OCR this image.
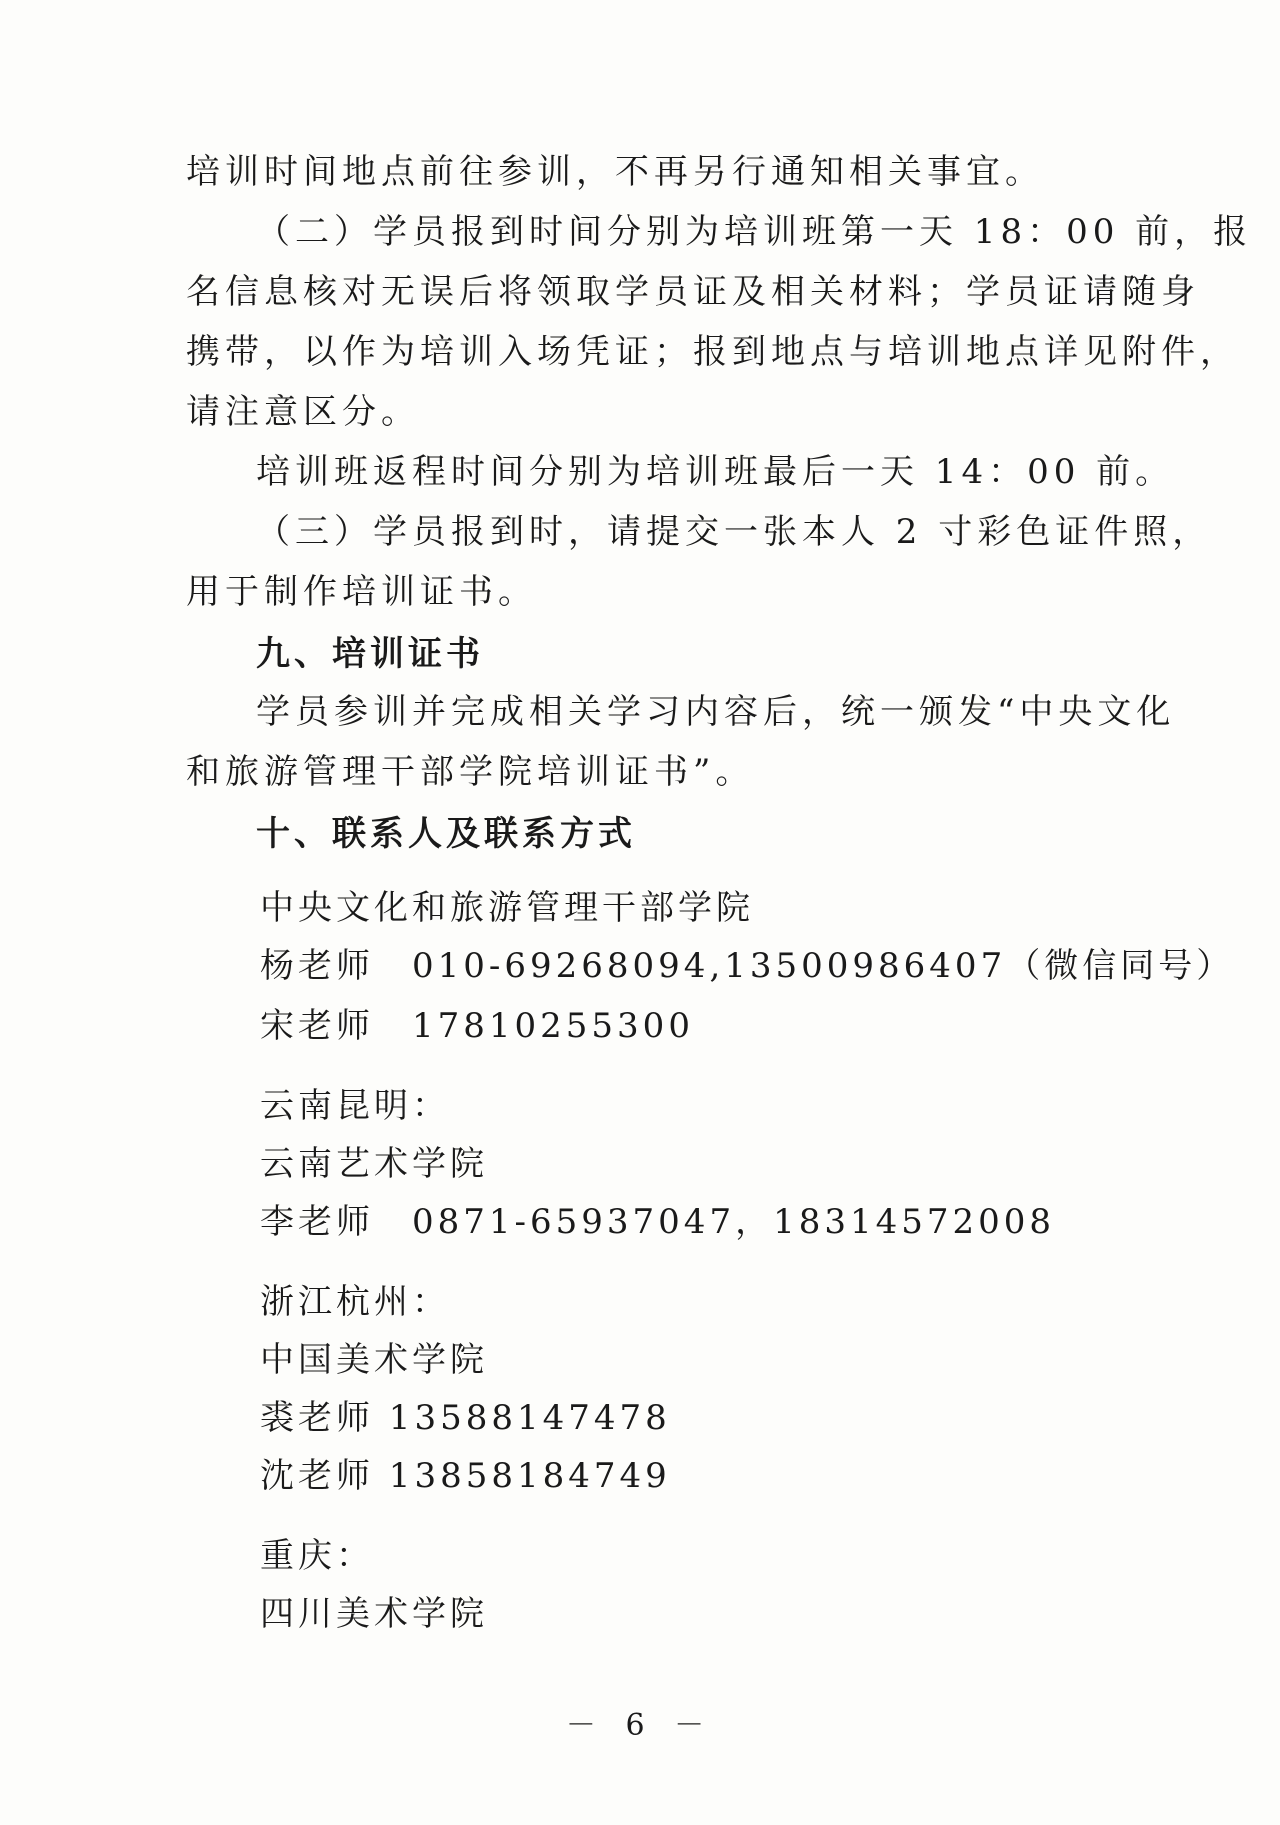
培训时间地点前往参训，不再另行通知相关事宜。
（二）学员报到时间分别为培训班第一天 18：00 前，报
名信息核对无误后将领取学员证及相关材料；学员证请随身
携带，以作为培训入场凭证；报到地点与培训地点详见附件，
请注意区分。
培训班返程时间分别为培训班最后一天 14：00 前。
（三）学员报到时，请提交一张本人 2 寸彩色证件照，
用于制作培训证书。
九、培训证书
学员参训并完成相关学习内容后，统一颁发“中央文化
和旅游管理干部学院培训证书”。
十、联系人及联系方式
中央文化和旅游管理干部学院
杨老师　010-69268094,13500986407（微信同号）
宋老师　17810255300
云南昆明：
云南艺术学院
李老师　0871-65937047，18314572008
浙江杭州：
中国美术学院
裘老师 13588147478
沈老师 13858184749
重庆：
四川美术学院
－ 6 －
